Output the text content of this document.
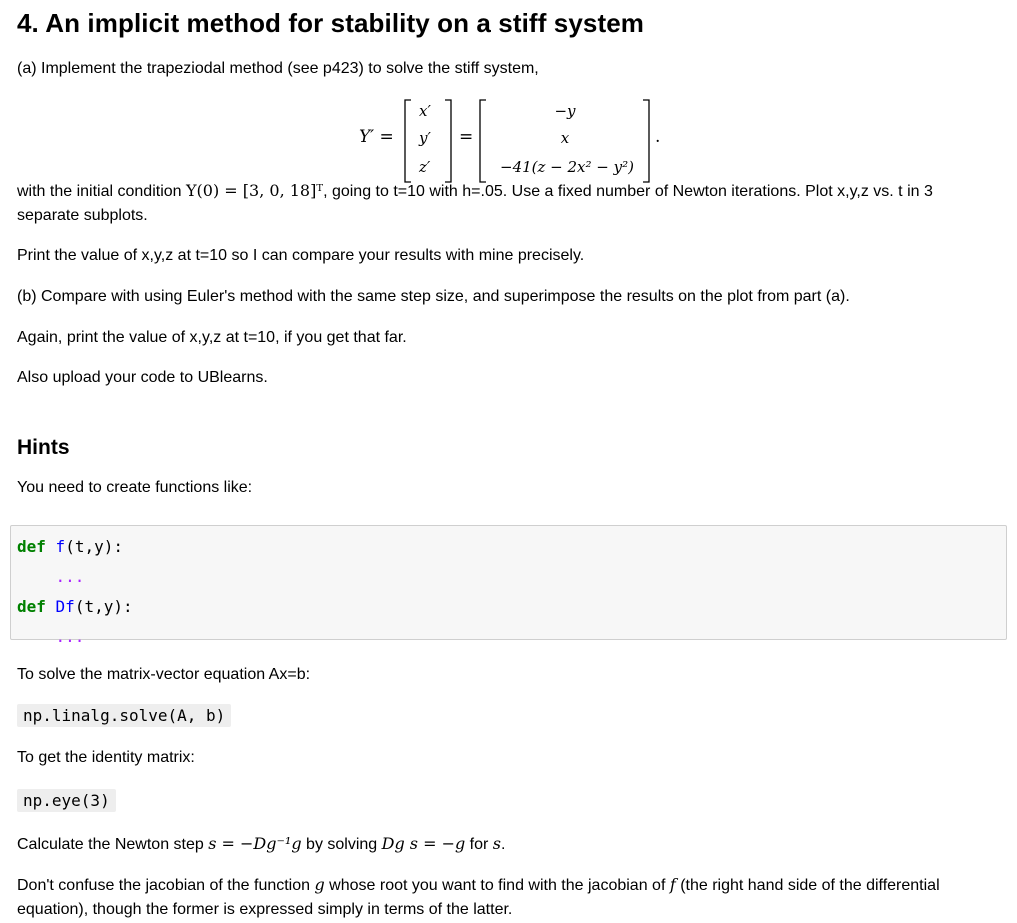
4. An implicit method for stability on a stiff system

(a) Implement the trapeziodal method (see p423) to solve the stiff system,

Y′ =
x′
y′
z′
=
−y
x
−41(z − 2x² − y²)
.

with the initial condition Y(0) = [3, 0, 18]ᵀ, going to t=10 with h=.05. Use a fixed number of Newton iterations. Plot x,y,z vs. t in 3 separate subplots.

Print the value of x,y,z at t=10 so I can compare your results with mine precisely.

(b) Compare with using Euler's method with the same step size, and superimpose the results on the plot from part (a).

Again, print the value of x,y,z at t=10, if you get that far.

Also upload your code to UBlearns.

Hints

You need to create functions like:

def f(t,y):
...
def Df(t,y):
...

To solve the matrix-vector equation Ax=b:

np.linalg.solve(A, b)

To get the identity matrix:

np.eye(3)

Calculate the Newton step s = −Dg⁻¹g by solving Dg s = −g for s.

Don't confuse the jacobian of the function g whose root you want to find with the jacobian of f (the right hand side of the differential equation), though the former is expressed simply in terms of the latter.
